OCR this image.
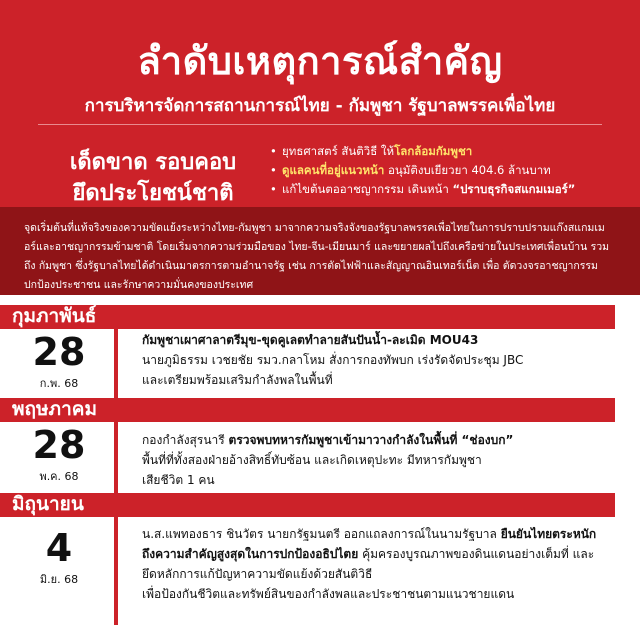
ลำดับเหตุการณ์สำคัญ
การบริหารจัดการสถานการณ์ไทย - กัมพูชา รัฐบาลพรรคเพื่อไทย
เด็ดขาด รอบคอบ
ยึดประโยชน์ชาติ
• ยุทธศาสตร์ สันติวิธี ให้โลกล้อมกัมพูชา
• ดูแลคนที่อยู่แนวหน้า อนุมัติงบเยียวยา 404.6 ล้านบาท
• แก้ไขต้นตออาชญากรรม เดินหน้า “ปราบธุรกิจสแกมเมอร์”
จุดเริ่มต้นที่แท้จริงของความขัดแย้งระหว่างไทย-กัมพูชา มาจากความจริงจังของรัฐบาลพรรคเพื่อไทยในการปราบปรามแก๊งสแกมเมอร์และอาชญากรรมข้ามชาติ โดยเริ่มจากความร่วมมือของ ไทย-จีน-เมียนมาร์ และขยายผลไปถึงเครือข่ายในประเทศเพื่อนบ้าน รวมถึง กัมพูชา ซึ่งรัฐบาลไทยได้ดำเนินมาตรการตามอำนาจรัฐ เช่น การตัดไฟฟ้าและสัญญาณอินเทอร์เน็ต เพื่อ ตัดวงจรอาชญากรรม ปกป้องประชาชน และรักษาความมั่นคงของประเทศ
กุมภาพันธ์
28
ก.พ. 68
กัมพูชาเผาศาลาตรีมุข-ขุดคูเลตทำลายสันปันน้ำ-ละเมิด MOU43
นายภูมิธรรม เวชยชัย รมว.กลาโหม สั่งการกองทัพบก เร่งรัดจัดประชุม JBC
และเตรียมพร้อมเสริมกำลังพลในพื้นที่
พฤษภาคม
28
พ.ค. 68
กองกำลังสุรนารี ตรวจพบทหารกัมพูชาเข้ามาวางกำลังในพื้นที่ “ช่องบก”
พื้นที่ที่ทั้งสองฝ่ายอ้างสิทธิ์ทับซ้อน และเกิดเหตุปะทะ มีทหารกัมพูชา
เสียชีวิต 1 คน
มิถุนายน
4
มิ.ย. 68
น.ส.แพทองธาร ชินวัตร นายกรัฐมนตรี ออกแถลงการณ์ในนามรัฐบาล ยืนยันไทยตระหนัก
ถึงความสำคัญสูงสุดในการปกป้องอธิปไตย คุ้มครองบูรณภาพของดินแดนอย่างเต็มที่ และ
ยึดหลักการแก้ปัญหาความขัดแย้งด้วยสันติวิธี
เพื่อป้องกันชีวิตและทรัพย์สินของกำลังพลและประชาชนตามแนวชายแดน
